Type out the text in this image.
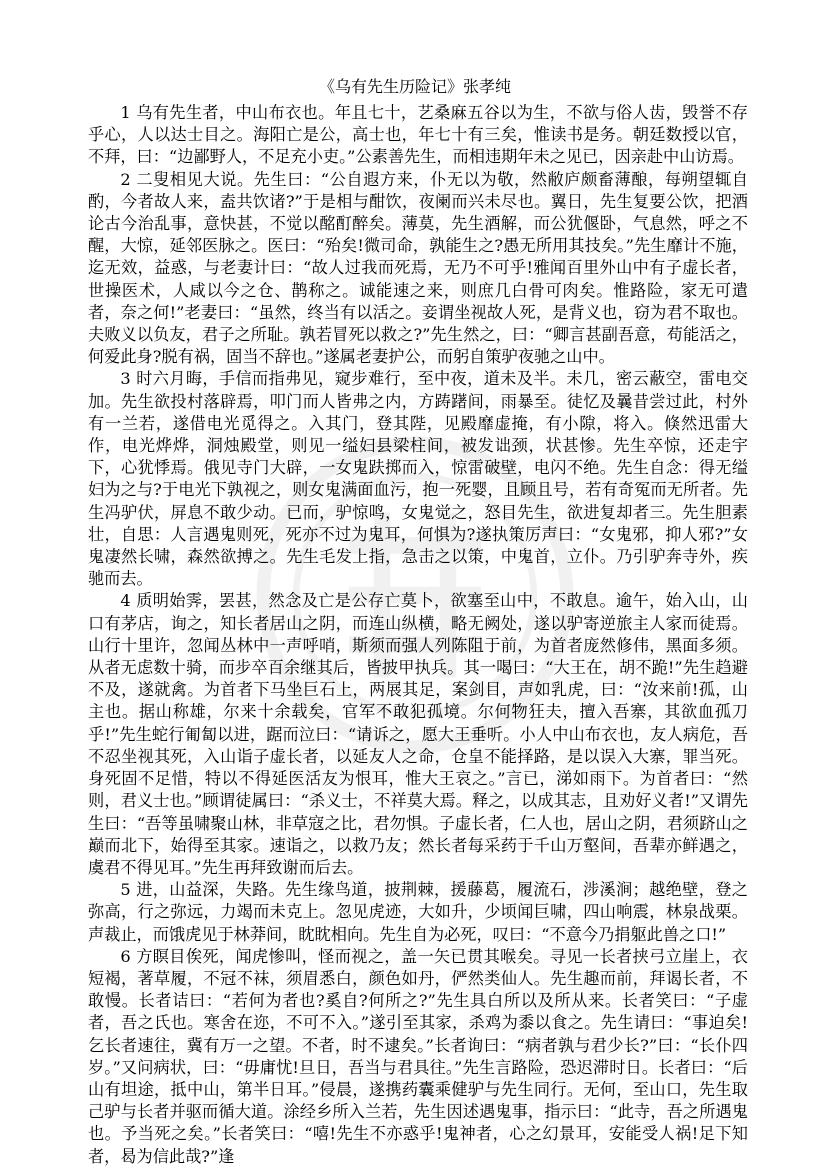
《乌有先生历险记》张孝纯

1 乌有先生者，中山布衣也。年且七十，艺桑麻五谷以为生，不欲与俗人齿，毁誉不存乎心，人以达士目之。海阳亡是公，高士也，年七十有三矣，惟读书是务。朝廷数授以官，不拜，曰：“边鄙野人，不足充小吏。”公素善先生，而相违期年未之见已，因亲赴中山访焉。

2 二叟相见大说。先生曰：“公自遐方来，仆无以为敬，然敝庐颇畜薄酿，每朔望辄自酌，今者故人来，盍共饮诸?”于是相与酣饮，夜阑而兴未尽也。翼日，先生复要公饮，把酒论古今治乱事，意快甚，不觉以酩酊醉矣。薄莫，先生酒解，而公犹偃卧，气息然，呼之不醒，大惊，延邻医脉之。医曰：“殆矣!微司命，孰能生之?愚无所用其技矣。”先生靡计不施，迄无效，益惑，与老妻计曰：“故人过我而死焉，无乃不可乎!雅闻百里外山中有子虚长者，世操医术，人咸以今之仓、鹊称之。诚能速之来，则庶几白骨可肉矣。惟路险，家无可遣者，奈之何!”老妻曰：“虽然，终当有以活之。妾谓坐视故人死，是背义也，窃为君不取也。夫败义以负友，君子之所耻。孰若冒死以救之?”先生然之，曰：“卿言甚副吾意，苟能活之，何爱此身?脱有祸，固当不辞也。”遂属老妻护公，而躬自策驴夜驰之山中。

3 时六月晦，手信而指弗见，窥步难行，至中夜，道未及半。未几，密云蔽空，雷电交加。先生欲投村落辟焉，叩门而人皆弗之内，方踌躇间，雨暴至。徒忆及曩昔尝过此，村外有一兰若，遂借电光觅得之。入其门，登其陛，见殿靡虚掩，有小隙，将入。倏然迅雷大作，电光烨烨，洞烛殿堂，则见一缢妇县梁柱间，被发诎颈，状甚惨。先生卒惊，还走宇下，心犹悸焉。俄见寺门大辟，一女鬼趺掷而入，惊雷破壁，电闪不绝。先生自念：得无缢妇为之与?于电光下孰视之，则女鬼满面血污，抱一死婴，且顾且号，若有奇冤而无所者。先生冯驴伏，屏息不敢少动。已而，驴惊鸣，女鬼觉之，怒目先生，欲进复却者三。先生胆素壮，自思：人言遇鬼则死，死亦不过为鬼耳，何惧为?遂执策厉声曰：“女鬼邪，抑人邪?”女鬼凄然长啸，森然欲搏之。先生毛发上指，急击之以策，中鬼首，立仆。乃引驴奔寺外，疾驰而去。

4 质明始霁，罢甚，然念及亡是公存亡莫卜，欲塞至山中，不敢息。逾午，始入山，山口有茅店，询之，知长者居山之阴，而连山纵横，略无阙处，遂以驴寄逆旅主人家而徒焉。山行十里许，忽闻丛林中一声呼哨，斯须而强人列陈阻于前，为首者庞然修伟，黑面多须。从者无虑数十骑，而步卒百余继其后，皆披甲执兵。其一喝曰：“大王在，胡不跪!”先生趋避不及，遂就禽。为首者下马坐巨石上，两展其足，案剑目，声如乳虎，曰：“汝来前!孤，山主也。据山称雄，尔来十余载矣，官军不敢犯孤境。尔何物狂夫，擅入吾寨，其欲血孤刀乎!”先生蛇行匍匐以进，踞而泣曰：“请诉之，愿大王垂听。小人中山布衣也，友人病危，吾不忍坐视其死，入山诣子虚长者，以延友人之命，仓皇不能择路，是以误入大寨，罪当死。身死固不足惜，特以不得延医活友为恨耳，惟大王哀之。”言已，涕如雨下。为首者曰：“然则，君义士也。”顾谓徒属曰：“杀义士，不祥莫大焉。释之，以成其志，且劝好义者!”又谓先生曰：“吾等虽啸聚山林，非草寇之比，君勿惧。子虚长者，仁人也，居山之阴，君须跻山之巅而北下，始得至其家。速诣之，以救乃友；然长者每采药于千山万壑间，吾辈亦鲜遇之，虞君不得见耳。”先生再拜致谢而后去。

5 进，山益深，失路。先生缘鸟道，披荆棘，援藤葛，履流石，涉溪涧；越绝壁，登之弥高，行之弥远，力竭而未克上。忽见虎迹，大如升，少顷闻巨啸，四山响震，林泉战栗。声裁止，而饿虎见于林莽间，眈眈相向。先生自为必死，叹曰：“不意今乃捐躯此兽之口!”

6 方瞑目俟死，闻虎惨叫，怪而视之，盖一矢已贯其喉矣。寻见一长者挟弓立崖上，衣短褐，著草履，不冠不袜，须眉悉白，颜色如丹，俨然类仙人。先生趣而前，拜谒长者，不敢慢。长者诘曰：“若何为者也?奚自?何所之?”先生具白所以及所从来。长者笑曰：“子虚者，吾之氏也。寒舍在迩，不可不入。”遂引至其家，杀鸡为黍以食之。先生请曰：“事迫矣!乞长者速往，冀有万一之望。不者，时不逮矣。”长者询曰：“病者孰与君少长?”曰：“长仆四岁。”又问病状，曰：“毋庸忧!旦日，吾当与君具往。”先生言路险，恐迟滞时日。长者曰：“后山有坦途，抵中山，第半日耳。”侵晨，遂携药囊乘健驴与先生同行。无何，至山口，先生取己驴与长者并驱而循大道。涂经乡所入兰若，先生因述遇鬼事，指示曰：“此寺，吾之所遇鬼也。予当死之矣。”长者笑曰：“嘻!先生不亦惑乎!鬼神者，心之幻景耳，安能受人祸!足下知者，曷为信此哉?”逢
